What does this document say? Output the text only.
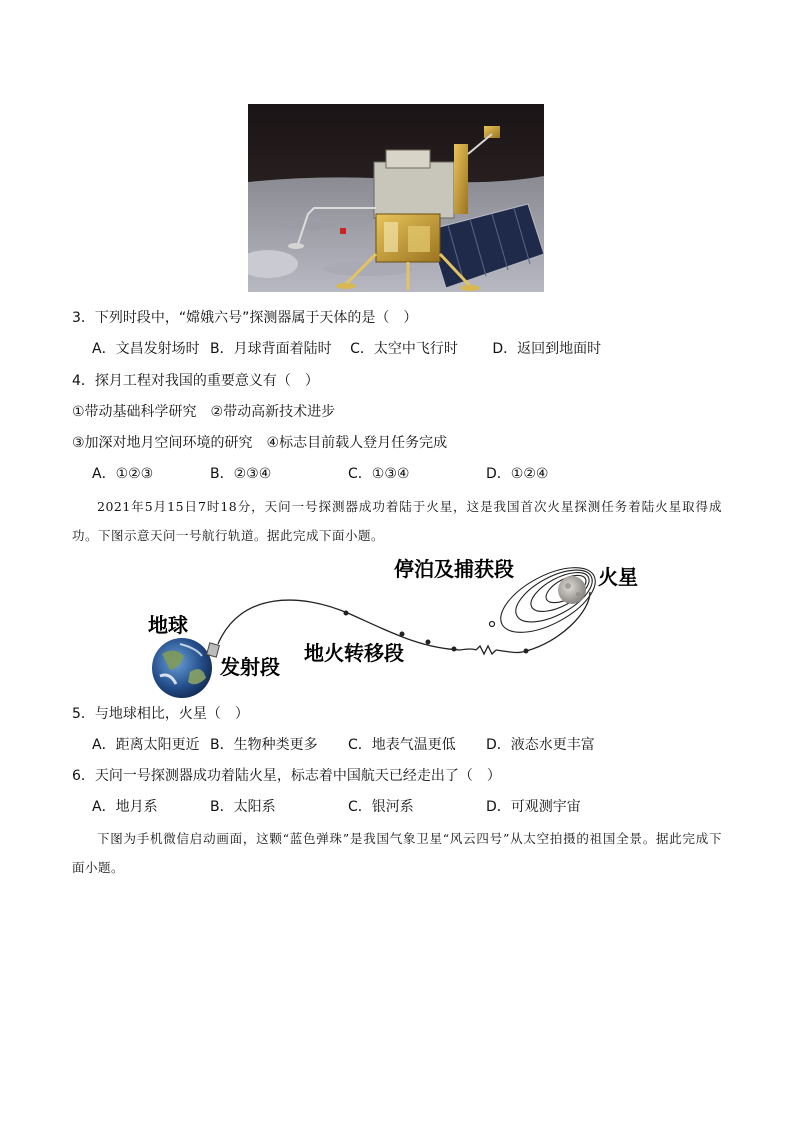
3．下列时段中，“嫦娥六号”探测器属于天体的是（　）
A．文昌发射场时 B．月球背面着陆时 C．太空中飞行时 D．返回到地面时
4．探月工程对我国的重要意义有（　）
①带动基础科学研究　②带动高新技术进步
③加深对地月空间环境的研究　④标志目前载人登月任务完成
A．①②③	B．②③④	C．①③④	D．①②④
2021年5月15日7时18分，天问一号探测器成功着陆于火星，这是我国首次火星探测任务着陆火星取得成功。下图示意天问一号航行轨道。据此完成下面小题。
地球
发射段
地火转移段
停泊及捕获段	火星
5．与地球相比，火星（　）
A．距离太阳更近 B．生物种类更多 C．地表气温更低 D．液态水更丰富
6．天问一号探测器成功着陆火星，标志着中国航天已经走出了（　）
A．地月系	B．太阳系	C．银河系	D．可观测宇宙
下图为手机微信启动画面，这颗“蓝色弹珠”是我国气象卫星“风云四号”从太空拍摄的祖国全景。据此完成下面小题。
